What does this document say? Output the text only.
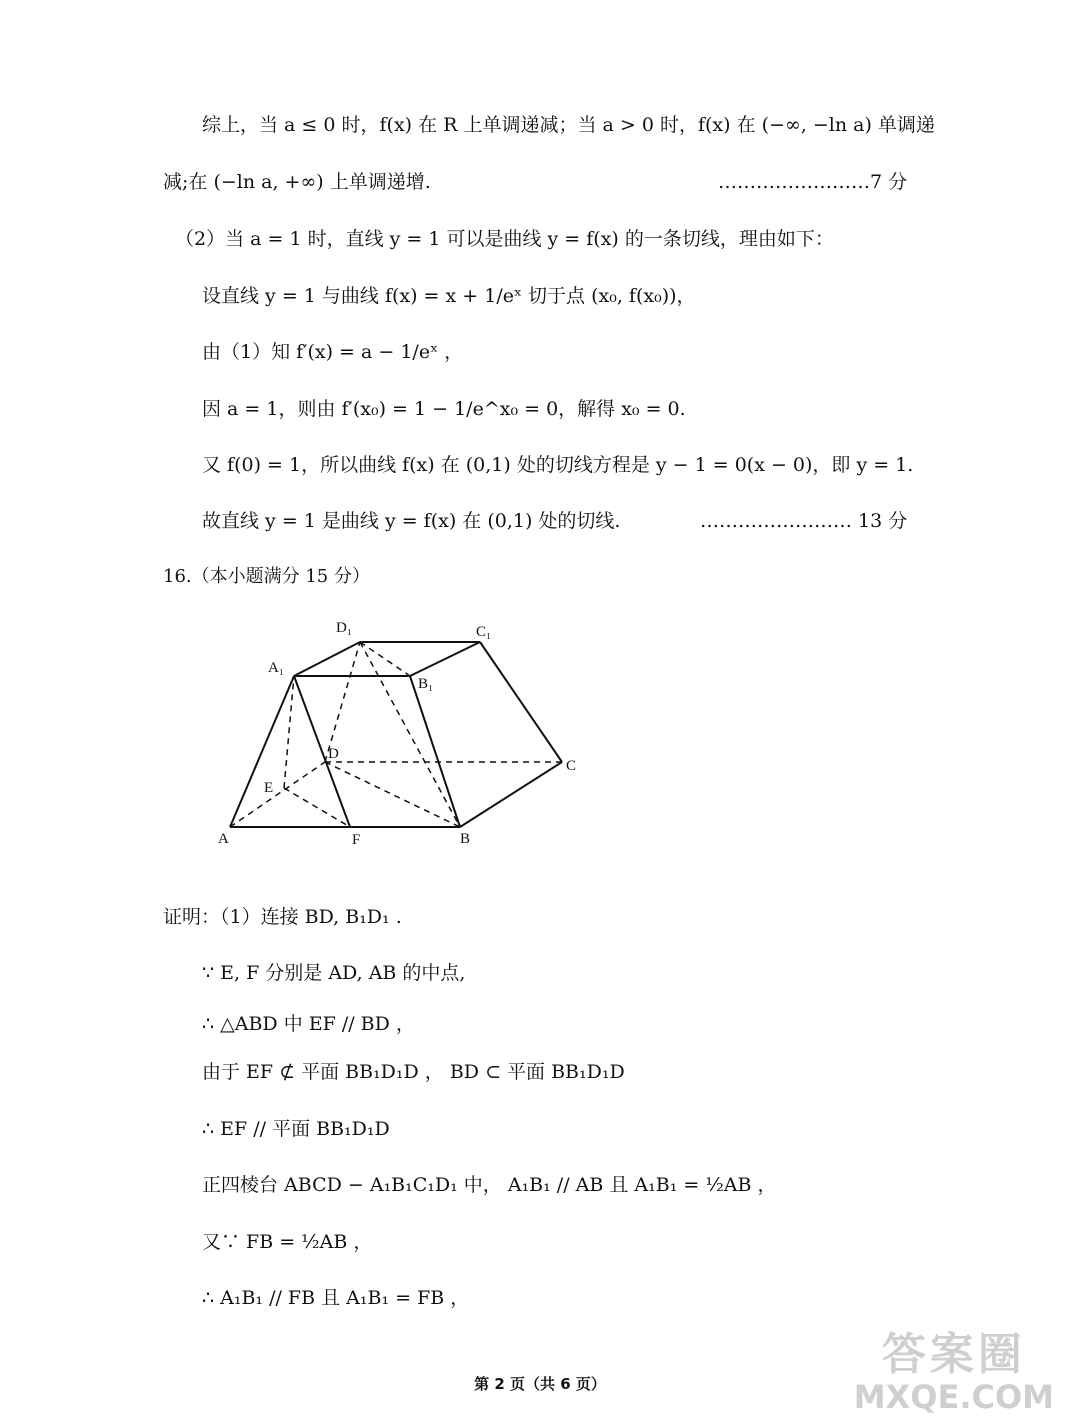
综上，当 a ≤ 0 时，f(x) 在 R 上单调递减；当 a > 0 时，f(x) 在 (−∞, −ln a) 单调递
减;在 (−ln a, +∞) 上单调递增.	……………………7 分
（2）当 a = 1 时，直线 y = 1 可以是曲线 y = f(x) 的一条切线，理由如下：
设直线 y = 1 与曲线 f(x) = x + 1/eˣ 切于点 (x₀, f(x₀))，
由（1）知 f′(x) = a − 1/eˣ ，
因 a = 1，则由 f′(x₀) = 1 − 1/e^x₀ = 0，解得 x₀ = 0.
又 f(0) = 1，所以曲线 f(x) 在 (0,1) 处的切线方程是 y − 1 = 0(x − 0)，即 y = 1.
故直线 y = 1 是曲线 y = f(x) 在 (0,1) 处的切线.	…………………… 13 分
16.（本小题满分 15 分）
A	F	B
C
D
E
A₁
B₁
C₁
D₁
证明：（1）连接 BD, B₁D₁ .
∵ E, F 分别是 AD, AB 的中点,
∴ △ABD 中 EF // BD ，
由于 EF ⊄ 平面 BB₁D₁D ， BD ⊂ 平面 BB₁D₁D
∴ EF // 平面 BB₁D₁D
正四棱台 ABCD − A₁B₁C₁D₁ 中， A₁B₁ // AB 且 A₁B₁ = ½AB ，
又∵ FB = ½AB ，
∴ A₁B₁ // FB 且 A₁B₁ = FB ，
答案圈
MXQE.COM
第 2 页（共 6 页）
